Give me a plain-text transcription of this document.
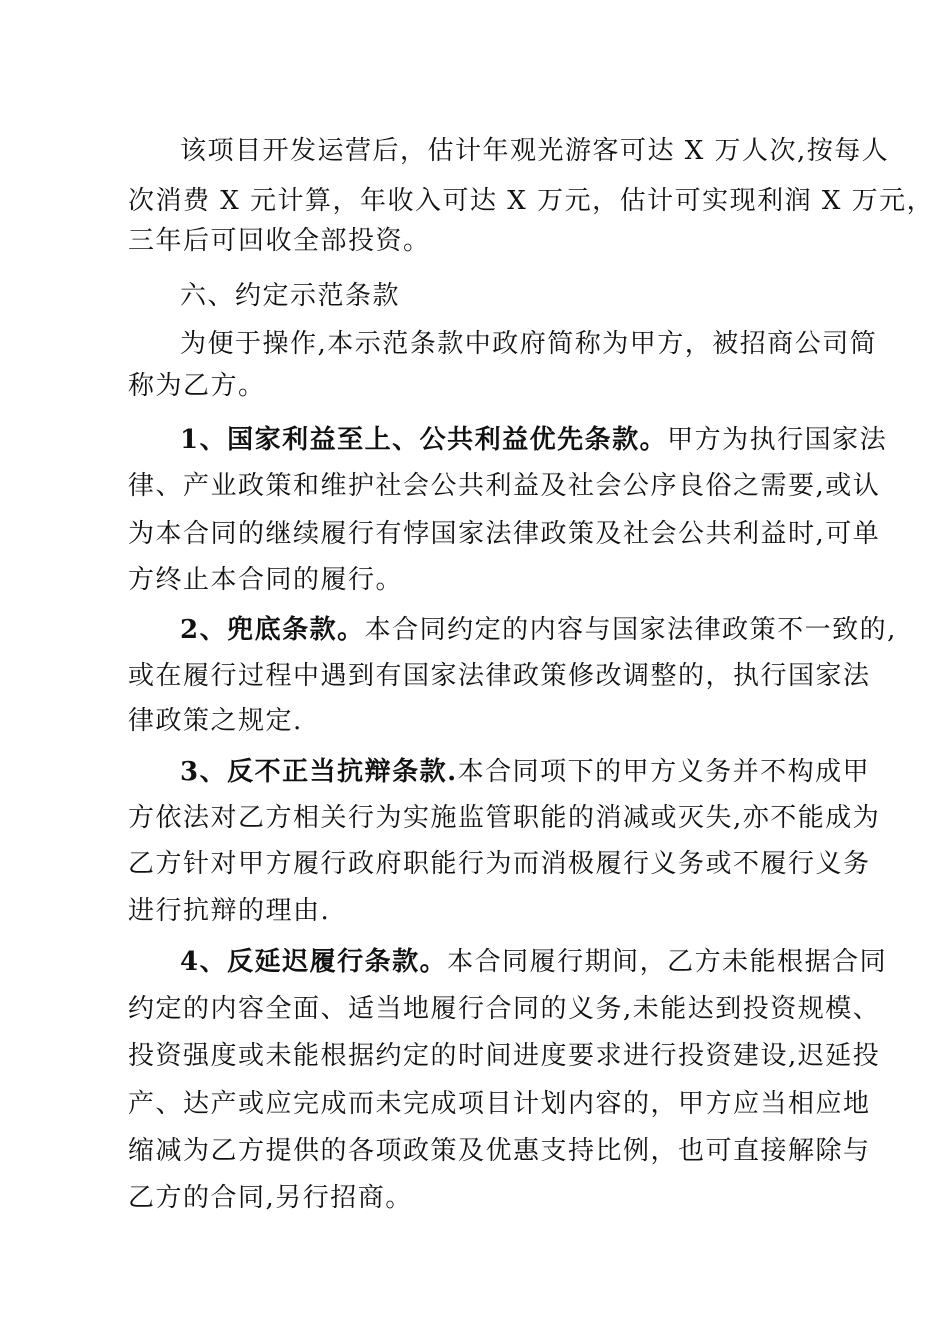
该项目开发运营后，估计年观光游客可达 X 万人次,按每人
次消费 X 元计算，年收入可达 X 万元，估计可实现利润 X 万元，
三年后可回收全部投资。
六、约定示范条款
为便于操作,本示范条款中政府简称为甲方，被招商公司简
称为乙方。
1、国家利益至上、公共利益优先条款。甲方为执行国家法
律、产业政策和维护社会公共利益及社会公序良俗之需要,或认
为本合同的继续履行有悖国家法律政策及社会公共利益时,可单
方终止本合同的履行。
2、兜底条款。本合同约定的内容与国家法律政策不一致的,
或在履行过程中遇到有国家法律政策修改调整的，执行国家法
律政策之规定.
3、反不正当抗辩条款.本合同项下的甲方义务并不构成甲
方依法对乙方相关行为实施监管职能的消减或灭失,亦不能成为
乙方针对甲方履行政府职能行为而消极履行义务或不履行义务
进行抗辩的理由.
4、反延迟履行条款。本合同履行期间，乙方未能根据合同
约定的内容全面、适当地履行合同的义务,未能达到投资规模、
投资强度或未能根据约定的时间进度要求进行投资建设,迟延投
产、达产或应完成而未完成项目计划内容的，甲方应当相应地
缩减为乙方提供的各项政策及优惠支持比例，也可直接解除与
乙方的合同,另行招商。
